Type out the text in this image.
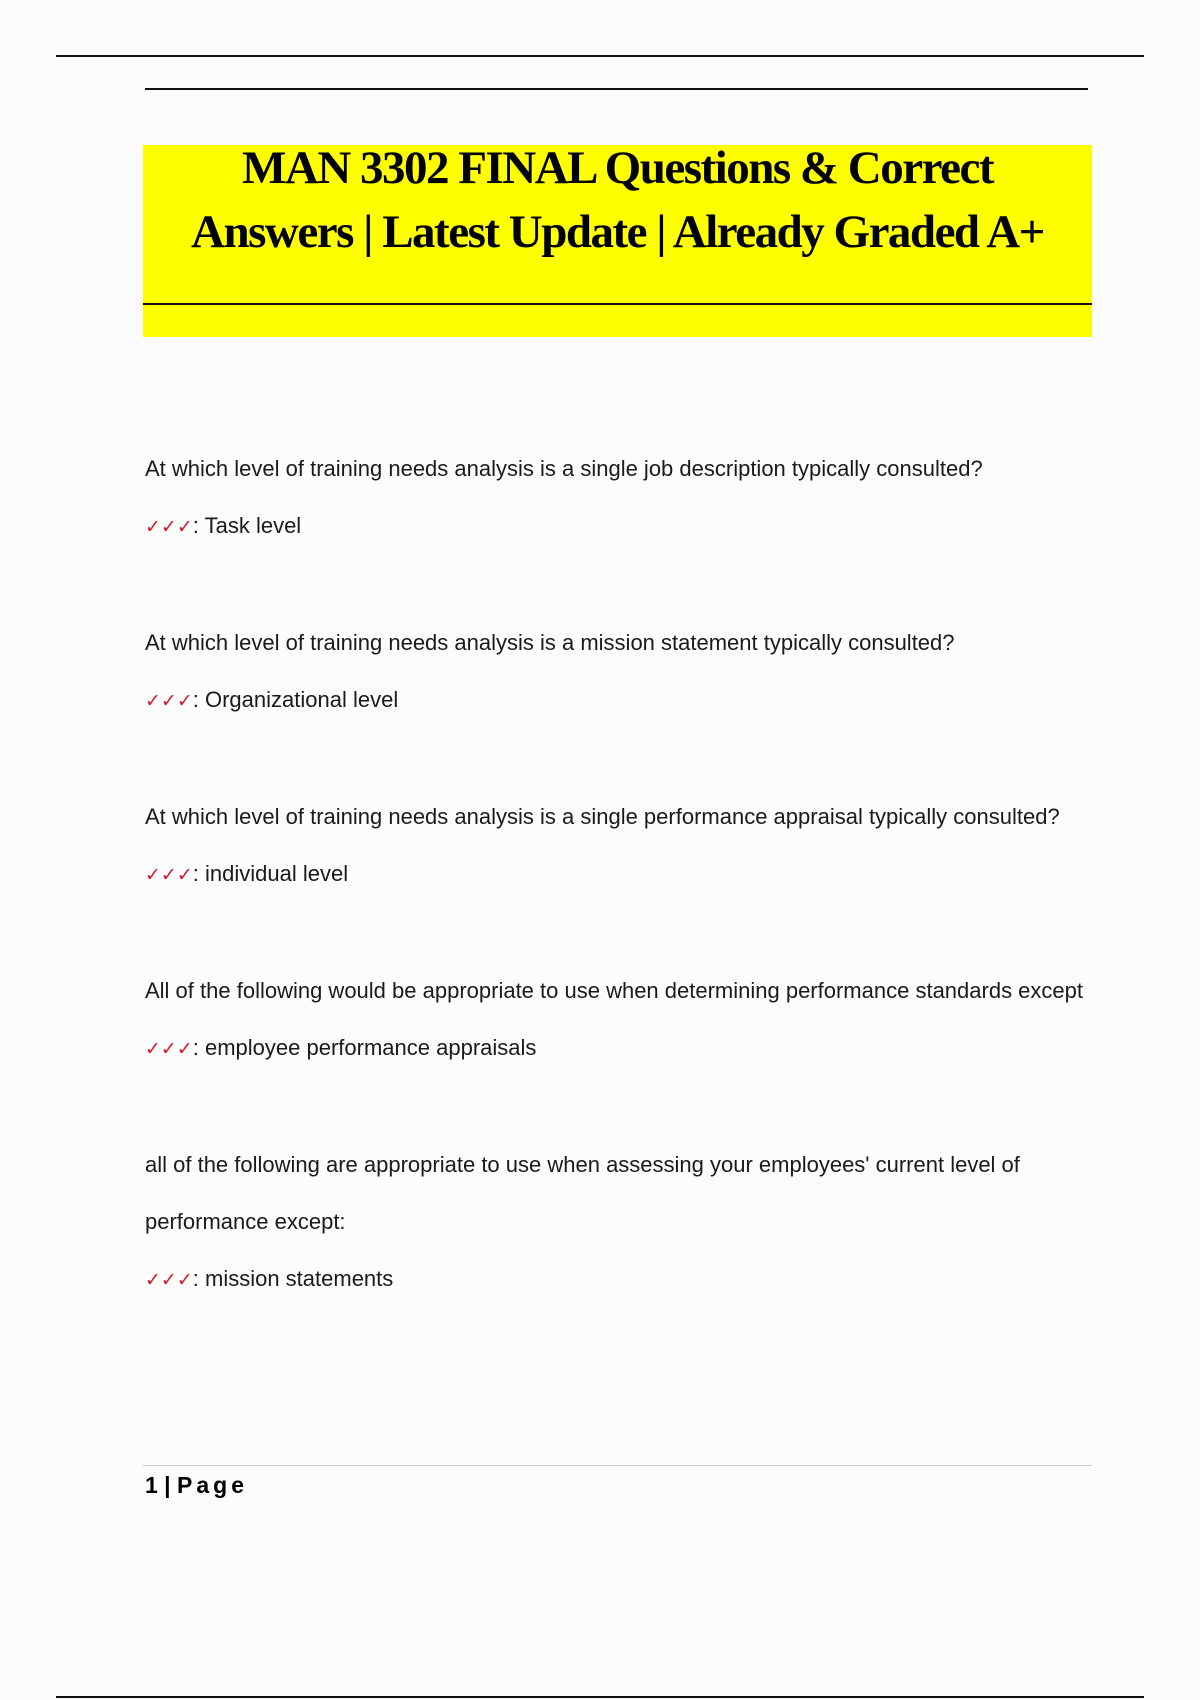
MAN 3302 FINAL Questions & Correct
Answers | Latest Update | Already Graded A+

At which level of training needs analysis is a single job description typically consulted?

✓✓✓: Task level

At which level of training needs analysis is a mission statement typically consulted?

✓✓✓: Organizational level

At which level of training needs analysis is a single performance appraisal typically consulted?

✓✓✓: individual level

All of the following would be appropriate to use when determining performance standards except

✓✓✓: employee performance appraisals

all of the following are appropriate to use when assessing your employees' current level of performance except:

✓✓✓: mission statements

1 | Page
